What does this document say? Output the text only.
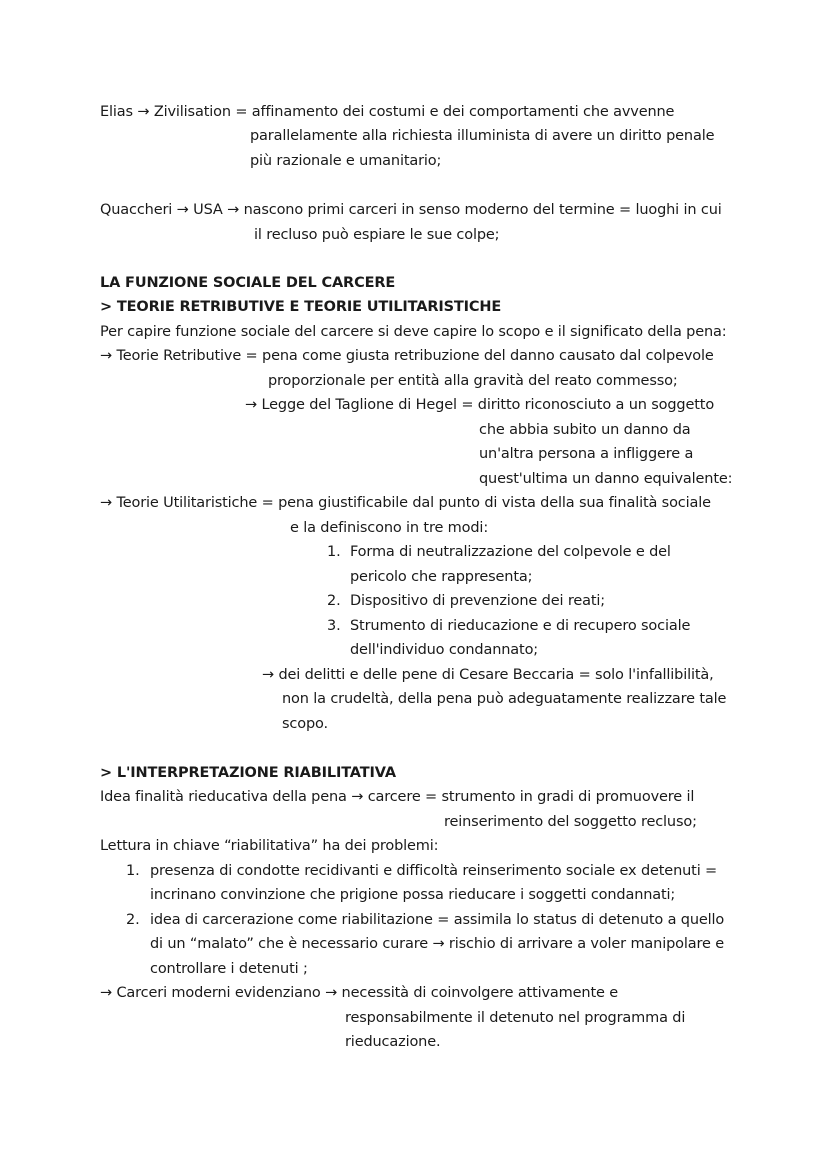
Elias → Zivilisation = affinamento dei costumi e dei comportamenti che avvenne
parallelamente alla richiesta illuminista di avere un diritto penale
più razionale e umanitario;
Quaccheri → USA → nascono primi carceri in senso moderno del termine = luoghi in cui
il recluso può espiare le sue colpe;
LA FUNZIONE SOCIALE DEL CARCERE
> TEORIE RETRIBUTIVE E TEORIE UTILITARISTICHE
Per capire funzione sociale del carcere si deve capire lo scopo e il significato della pena:
→ Teorie Retributive = pena come giusta retribuzione del danno causato dal colpevole
proporzionale per entità alla gravità del reato commesso;
→ Legge del Taglione di Hegel = diritto riconosciuto a un soggetto
che abbia subito un danno da
un'altra persona a infliggere a
quest'ultima un danno equivalente:
→ Teorie Utilitaristiche = pena giustificabile dal punto di vista della sua finalità sociale
e la definiscono in tre modi:
1. Forma di neutralizzazione del colpevole e del
pericolo che rappresenta;
2. Dispositivo di prevenzione dei reati;
3. Strumento di rieducazione e di recupero sociale
dell'individuo condannato;
→ dei delitti e delle pene di Cesare Beccaria = solo l'infallibilità,
non la crudeltà, della pena può adeguatamente realizzare tale
scopo.
> L'INTERPRETAZIONE RIABILITATIVA
Idea finalità rieducativa della pena → carcere = strumento in gradi di promuovere il
reinserimento del soggetto recluso;
Lettura in chiave “riabilitativa” ha dei problemi:
1. presenza di condotte recidivanti e difficoltà reinserimento sociale ex detenuti =
incrinano convinzione che prigione possa rieducare i soggetti condannati;
2. idea di carcerazione come riabilitazione = assimila lo status di detenuto a quello
di un “malato” che è necessario curare → rischio di arrivare a voler manipolare e
controllare i detenuti ;
→ Carceri moderni evidenziano → necessità di coinvolgere attivamente e
responsabilmente il detenuto nel programma di
rieducazione.
